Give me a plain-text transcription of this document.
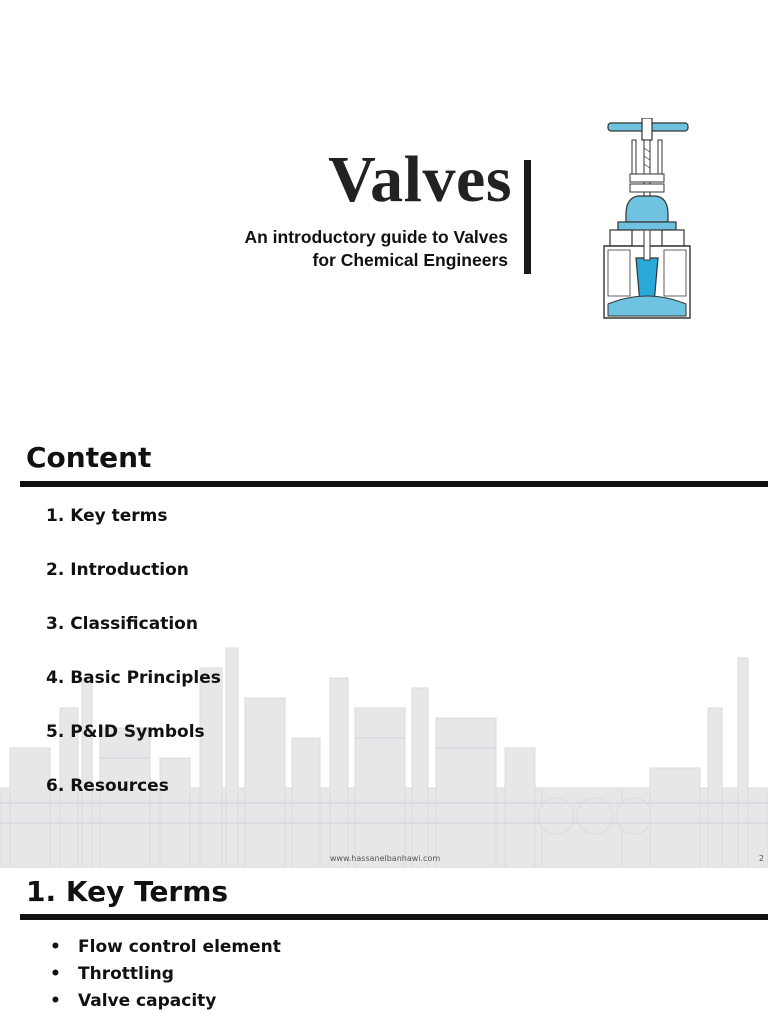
Valves
An introductory guide to Valves
for Chemical Engineers
Content
1. Key terms
2. Introduction
3. Classification
4. Basic Principles
5. P&ID Symbols
6. Resources
www.hassanelbanhawi.com	2
1. Key Terms
•	Flow control element
•	Throttling
•	Valve capacity
